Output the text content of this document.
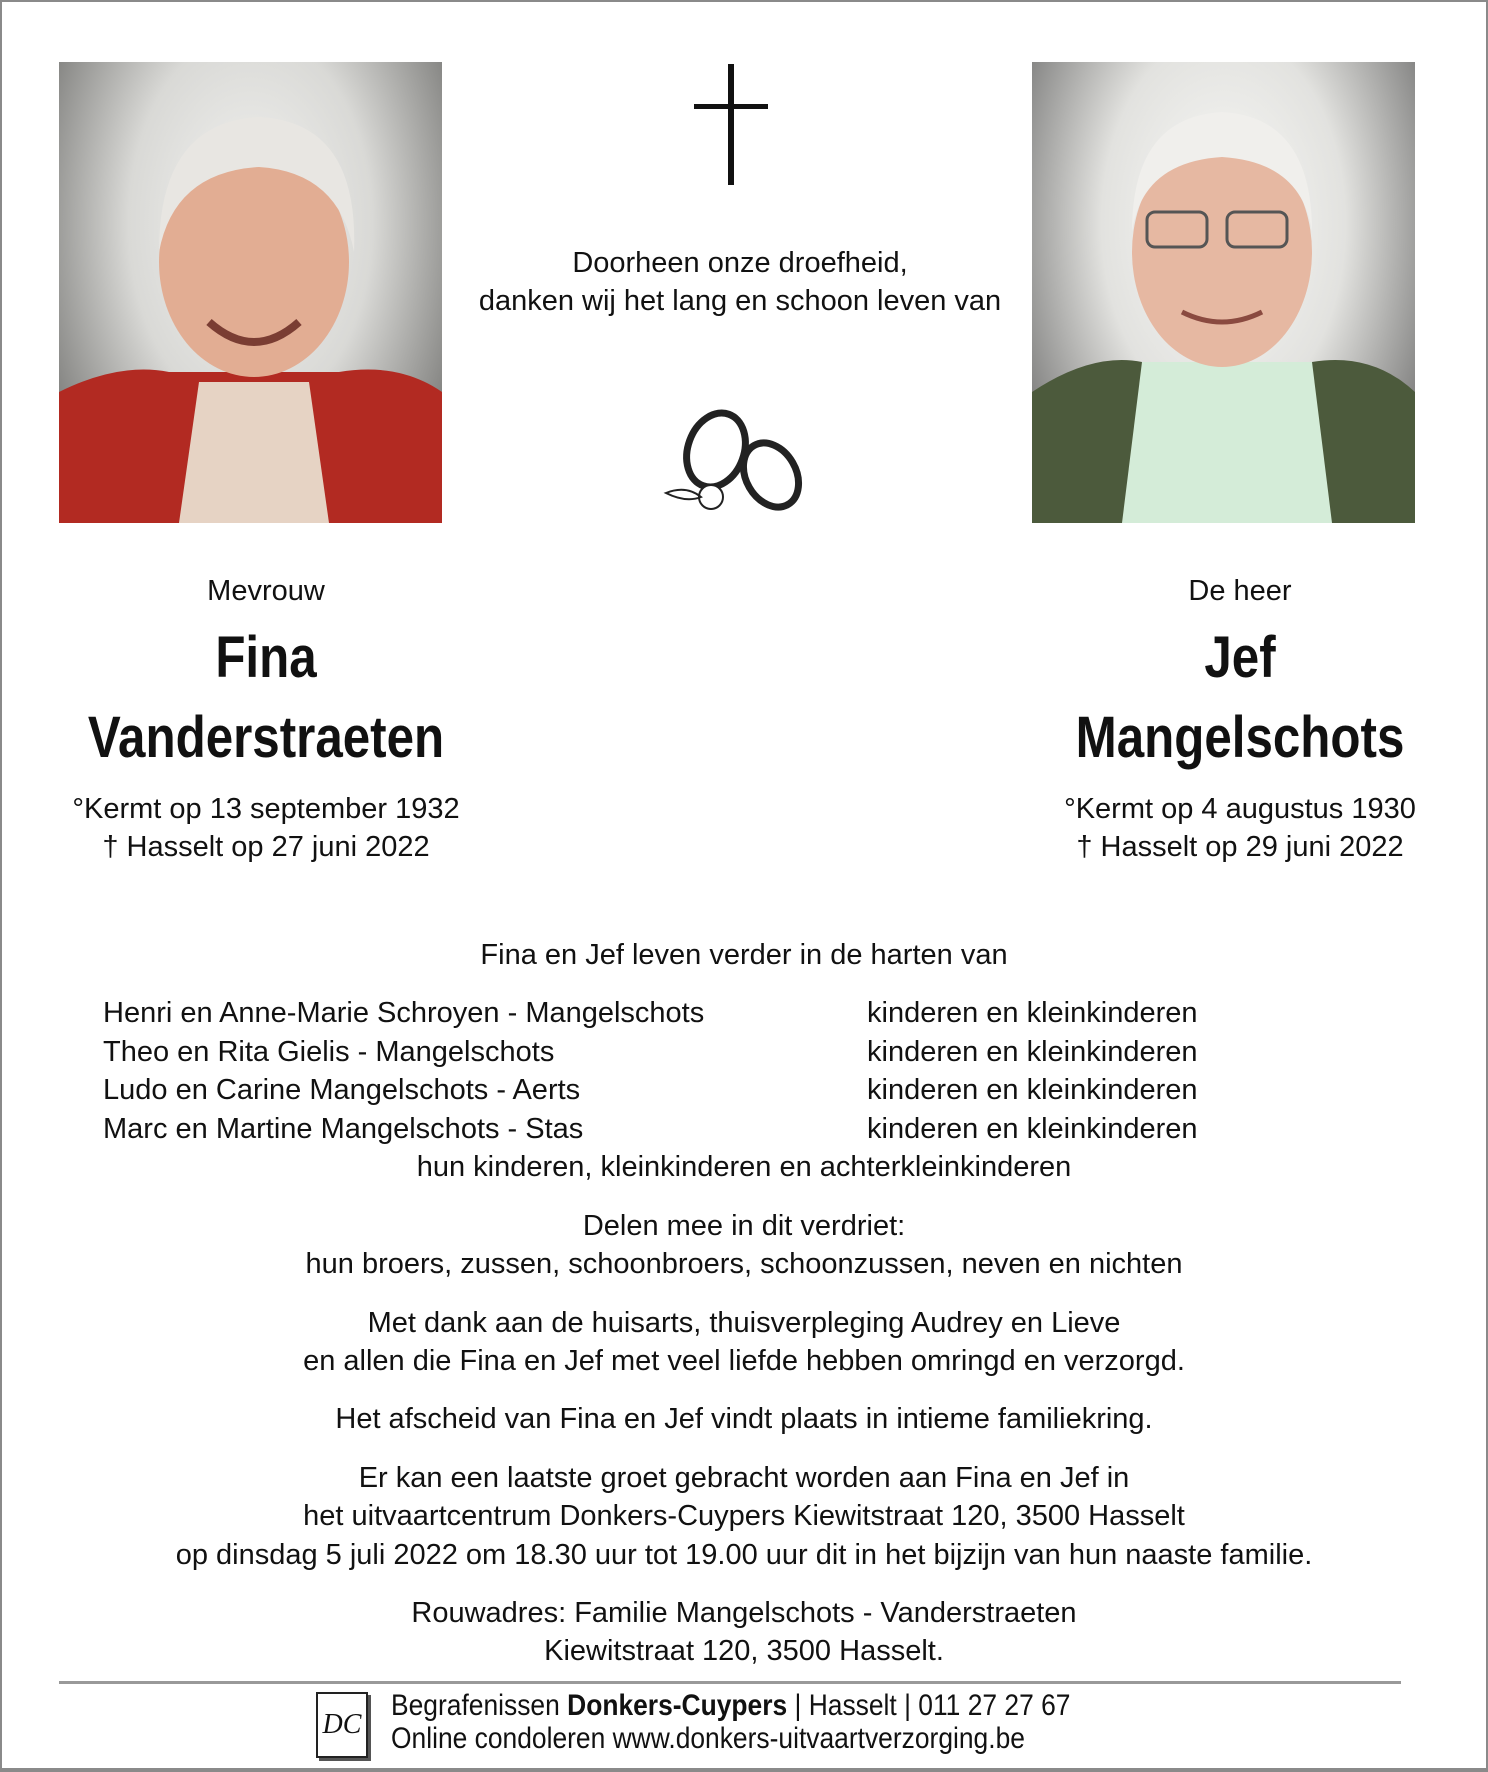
Doorheen onze droefheid,
danken wij het lang en schoon leven van
Mevrouw
Fina
Vanderstraeten
°Kermt op 13 september 1932
† Hasselt op 27 juni 2022
De heer
Jef
Mangelschots
°Kermt op 4 augustus 1930
† Hasselt op 29 juni 2022

Fina en Jef leven verder in de harten van

Henri en Anne-Marie Schroyen - Mangelschots	kinderen en kleinkinderen
Theo en Rita Gielis - Mangelschots	kinderen en kleinkinderen
Ludo en Carine Mangelschots - Aerts	kinderen en kleinkinderen
Marc en Martine Mangelschots - Stas	kinderen en kleinkinderen

hun kinderen, kleinkinderen en achterkleinkinderen

Delen mee in dit verdriet:
hun broers, zussen, schoonbroers, schoonzussen, neven en nichten

Met dank aan de huisarts, thuisverpleging Audrey en Lieve
en allen die Fina en Jef met veel liefde hebben omringd en verzorgd.

Het afscheid van Fina en Jef vindt plaats in intieme familiekring.

Er kan een laatste groet gebracht worden aan Fina en Jef in
het uitvaartcentrum Donkers-Cuypers Kiewitstraat 120, 3500 Hasselt
op dinsdag 5 juli 2022 om 18.30 uur tot 19.00 uur dit in het bijzijn van hun naaste familie.

Rouwadres: Familie Mangelschots - Vanderstraeten
Kiewitstraat 120, 3500 Hasselt.

DC
Begrafenissen Donkers-Cuypers | Hasselt | 011 27 27 67
Online condoleren www.donkers-uitvaartverzorging.be
